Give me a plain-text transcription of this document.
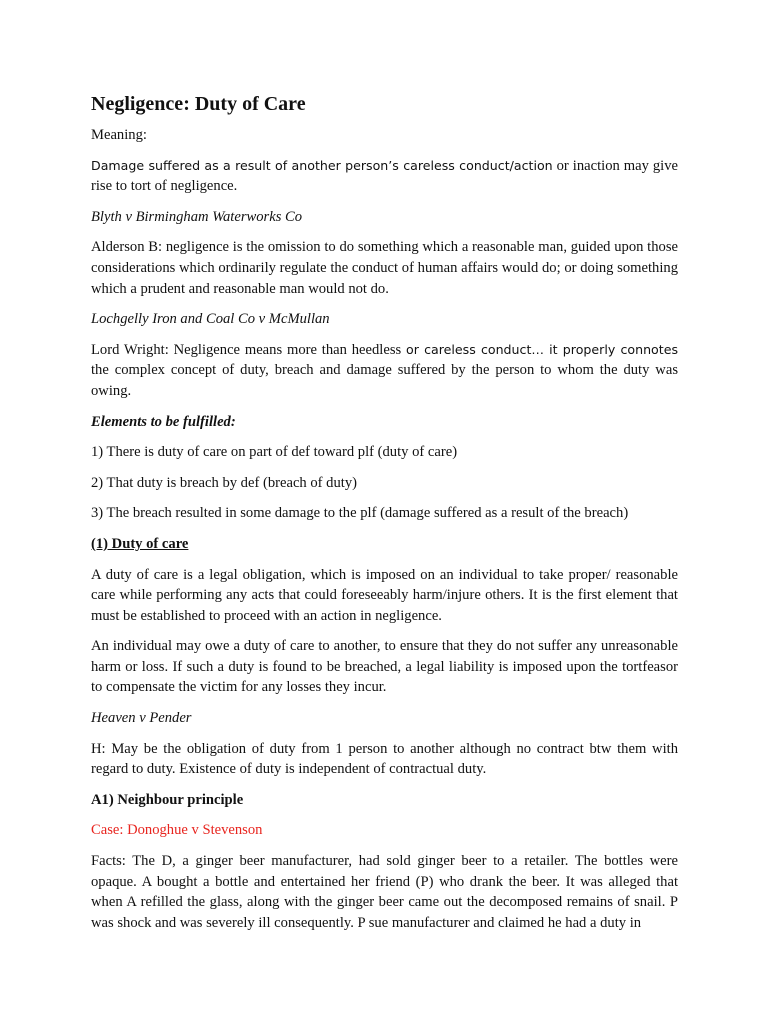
Negligence: Duty of Care

Meaning:

Damage suffered as a result of another person’s careless conduct/action or inaction may give rise to tort of negligence.

Blyth v Birmingham Waterworks Co

Alderson B: negligence is the omission to do something which a reasonable man, guided upon those considerations which ordinarily regulate the conduct of human affairs would do; or doing something which a prudent and reasonable man would not do.

Lochgelly Iron and Coal Co v McMullan

Lord Wright: Negligence means more than heedless or careless conduct… it properly connotes the complex concept of duty, breach and damage suffered by the person to whom the duty was owing.

Elements to be fulfilled:

1) There is duty of care on part of def toward plf (duty of care)

2) That duty is breach by def (breach of duty)

3) The breach resulted in some damage to the plf (damage suffered as a result of the breach)

(1) Duty of care

A duty of care is a legal obligation, which is imposed on an individual to take proper/ reasonable care while performing any acts that could foreseeably harm/injure others. It is the first element that must be established to proceed with an action in negligence.

An individual may owe a duty of care to another, to ensure that they do not suffer any unreasonable harm or loss. If such a duty is found to be breached, a legal liability is imposed upon the tortfeasor to compensate the victim for any losses they incur.

Heaven v Pender

H: May be the obligation of duty from 1 person to another although no contract btw them with regard to duty. Existence of duty is independent of contractual duty.

A1) Neighbour principle

Case: Donoghue v Stevenson

Facts: The D, a ginger beer manufacturer, had sold ginger beer to a retailer. The bottles were opaque. A bought a bottle and entertained her friend (P) who drank the beer. It was alleged that when A refilled the glass, along with the ginger beer came out the decomposed remains of snail. P was shock and was severely ill consequently. P sue manufacturer and claimed he had a duty in
